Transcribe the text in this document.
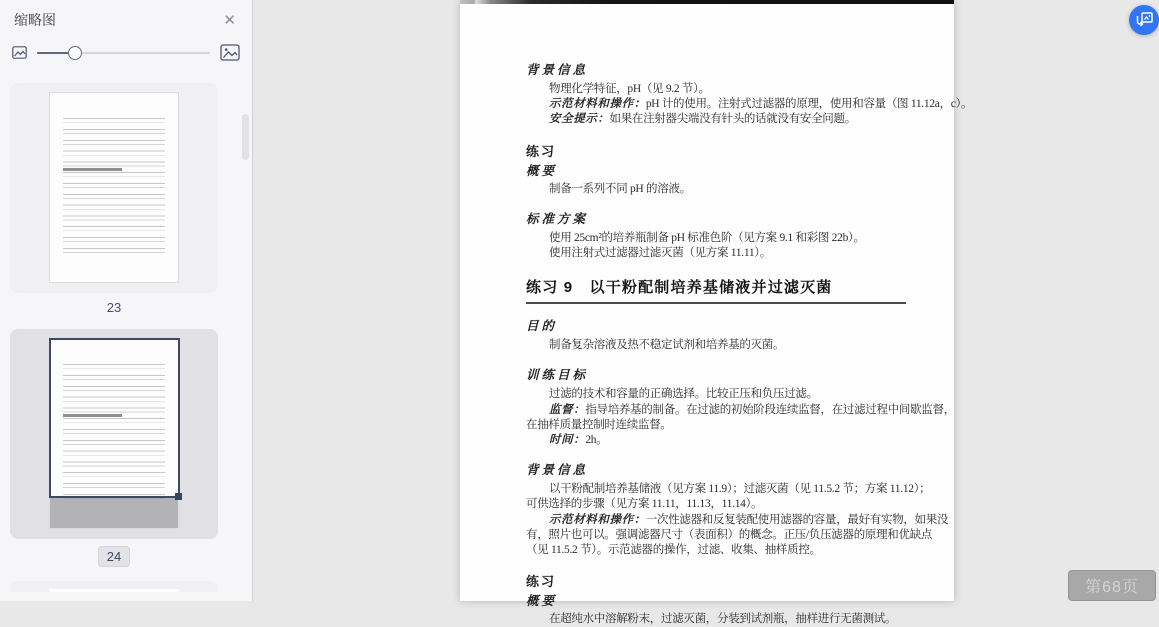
缩略图	✕
23
24
背景信息
物理化学特征，pH（见 9.2 节）。
示范材料和操作：pH 计的使用。注射式过滤器的原理，使用和容量（图 11.12a，c）。
安全提示：如果在注射器尖端没有针头的话就没有安全问题。
练习
概要
制备一系列不同 pH 的溶液。
标准方案
使用 25cm²的培养瓶制备 pH 标准色阶（见方案 9.1 和彩图 22b）。
使用注射式过滤器过滤灭菌（见方案 11.11）。
练习 9　以干粉配制培养基储液并过滤灭菌
目的
制备复杂溶液及热不稳定试剂和培养基的灭菌。
训练目标
过滤的技术和容量的正确选择。比较正压和负压过滤。
监督：指导培养基的制备。在过滤的初始阶段连续监督，在过滤过程中间歇监督，
在抽样质量控制时连续监督。
时间：2h。
背景信息
以干粉配制培养基储液（见方案 11.9）；过滤灭菌（见 11.5.2 节；方案 11.12）；
可供选择的步骤（见方案 11.11，11.13，11.14）。
示范材料和操作：一次性滤器和反复装配使用滤器的容量，最好有实物，如果没
有，照片也可以。强调滤器尺寸（表面积）的概念。正压/负压滤器的原理和优缺点
（见 11.5.2 节）。示范滤器的操作，过滤、收集、抽样质控。
练习
概要
在超纯水中溶解粉末，过滤灭菌，分装到试剂瓶，抽样进行无菌测试。
第68页
